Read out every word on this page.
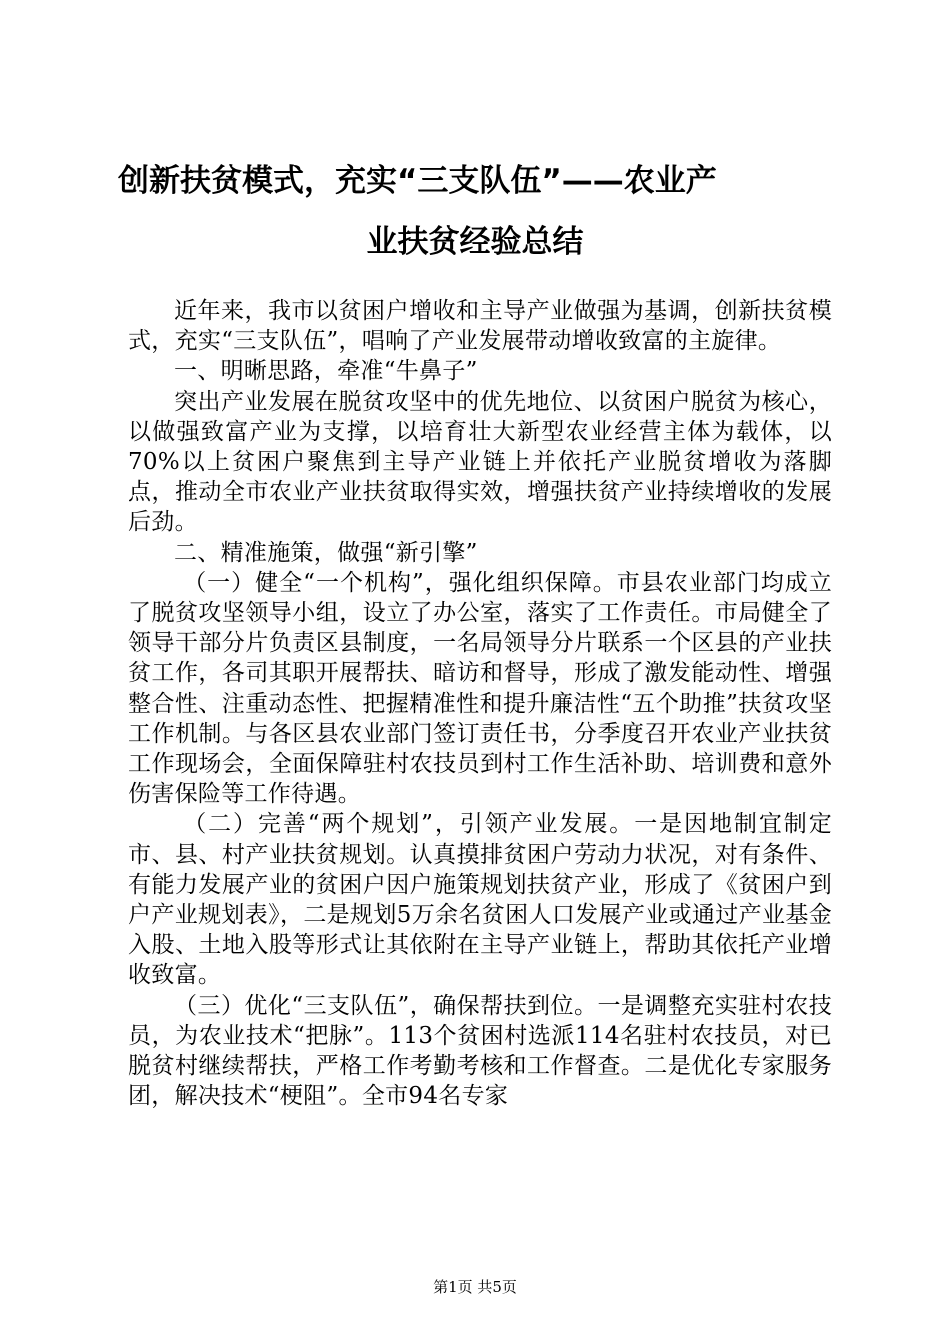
创新扶贫模式，充实“三支队伍”——农业产
业扶贫经验总结

近年来，我市以贫困户增收和主导产业做强为基调，创新扶贫模式，充实“三支队伍”，唱响了产业发展带动增收致富的主旋律。

一、明晰思路，牵准“牛鼻子”

突出产业发展在脱贫攻坚中的优先地位、以贫困户脱贫为核心，以做强致富产业为支撑，以培育壮大新型农业经营主体为载体，以70%以上贫困户聚焦到主导产业链上并依托产业脱贫增收为落脚点，推动全市农业产业扶贫取得实效，增强扶贫产业持续增收的发展后劲。

二、精准施策，做强“新引擎”

（一）健全“一个机构”，强化组织保障。市县农业部门均成立了脱贫攻坚领导小组，设立了办公室，落实了工作责任。市局健全了领导干部分片负责区县制度，一名局领导分片联系一个区县的产业扶贫工作，各司其职开展帮扶、暗访和督导，形成了激发能动性、增强整合性、注重动态性、把握精准性和提升廉洁性“五个助推”扶贫攻坚工作机制。与各区县农业部门签订责任书，分季度召开农业产业扶贫工作现场会，全面保障驻村农技员到村工作生活补助、培训费和意外伤害保险等工作待遇。

（二）完善“两个规划”，引领产业发展。一是因地制宜制定市、县、村产业扶贫规划。认真摸排贫困户劳动力状况，对有条件、有能力发展产业的贫困户因户施策规划扶贫产业，形成了《贫困户到户产业规划表》，二是规划5万余名贫困人口发展产业或通过产业基金入股、土地入股等形式让其依附在主导产业链上，帮助其依托产业增收致富。

（三）优化“三支队伍”，确保帮扶到位。一是调整充实驻村农技员，为农业技术“把脉”。113个贫困村选派114名驻村农技员，对已脱贫村继续帮扶，严格工作考勤考核和工作督查。二是优化专家服务团，解决技术“梗阻”。全市94名专家

第1页 共5页
